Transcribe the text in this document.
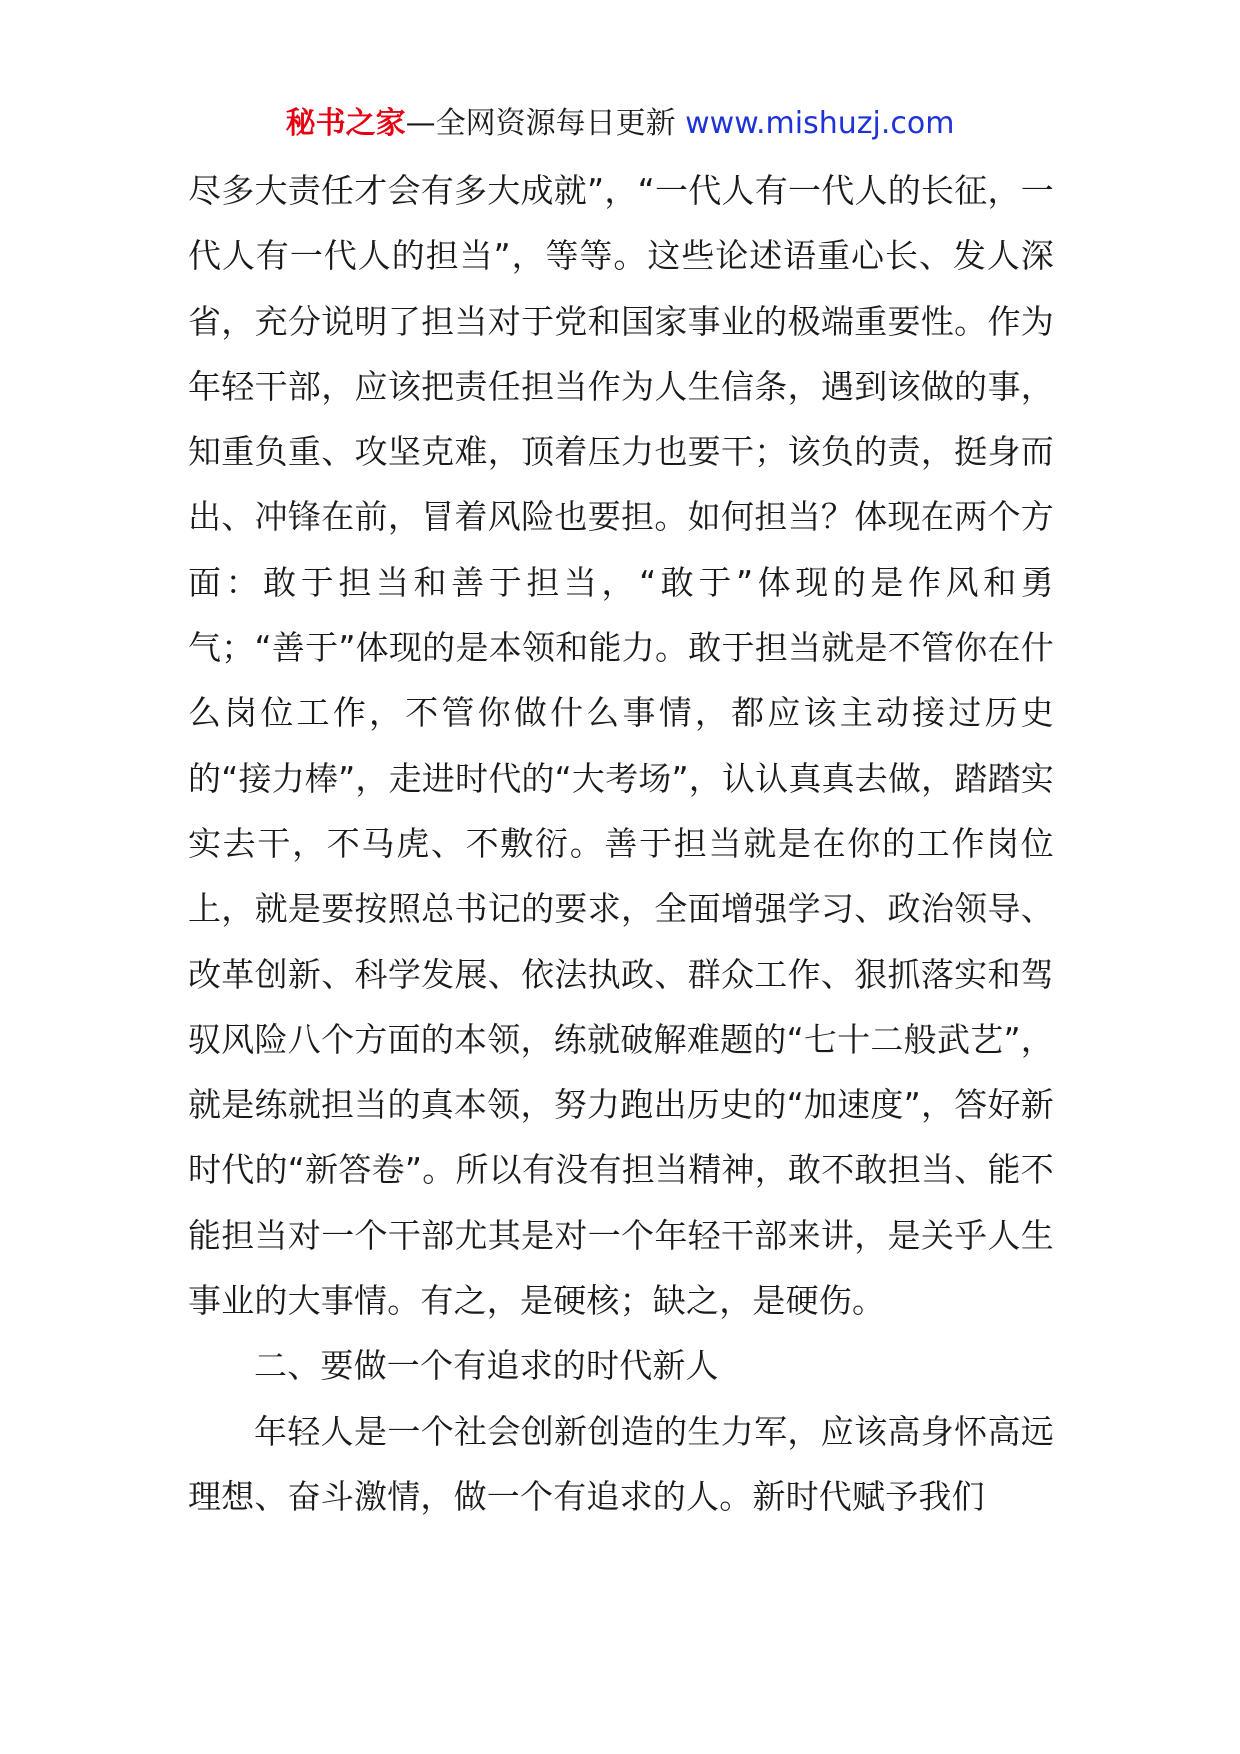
秘书之家—全网资源每日更新 www.mishuzj.com

尽多大责任才会有多大成就”，“一代人有一代人的长征，一代人有一代人的担当”，等等。这些论述语重心长、发人深省，充分说明了担当对于党和国家事业的极端重要性。作为年轻干部，应该把责任担当作为人生信条，遇到该做的事，知重负重、攻坚克难，顶着压力也要干；该负的责，挺身而出、冲锋在前，冒着风险也要担。如何担当？体现在两个方面：敢于担当和善于担当，“敢于”体现的是作风和勇气；“善于”体现的是本领和能力。敢于担当就是不管你在什么岗位工作，不管你做什么事情，都应该主动接过历史的“接力棒”，走进时代的“大考场”，认认真真去做，踏踏实实去干，不马虎、不敷衍。善于担当就是在你的工作岗位上，就是要按照总书记的要求，全面增强学习、政治领导、改革创新、科学发展、依法执政、群众工作、狠抓落实和驾驭风险八个方面的本领，练就破解难题的“七十二般武艺”，就是练就担当的真本领，努力跑出历史的“加速度”，答好新时代的“新答卷”。所以有没有担当精神，敢不敢担当、能不能担当对一个干部尤其是对一个年轻干部来讲，是关乎人生事业的大事情。有之，是硬核；缺之，是硬伤。

二、要做一个有追求的时代新人

年轻人是一个社会创新创造的生力军，应该高身怀高远理想、奋斗激情，做一个有追求的人。新时代赋予我们
